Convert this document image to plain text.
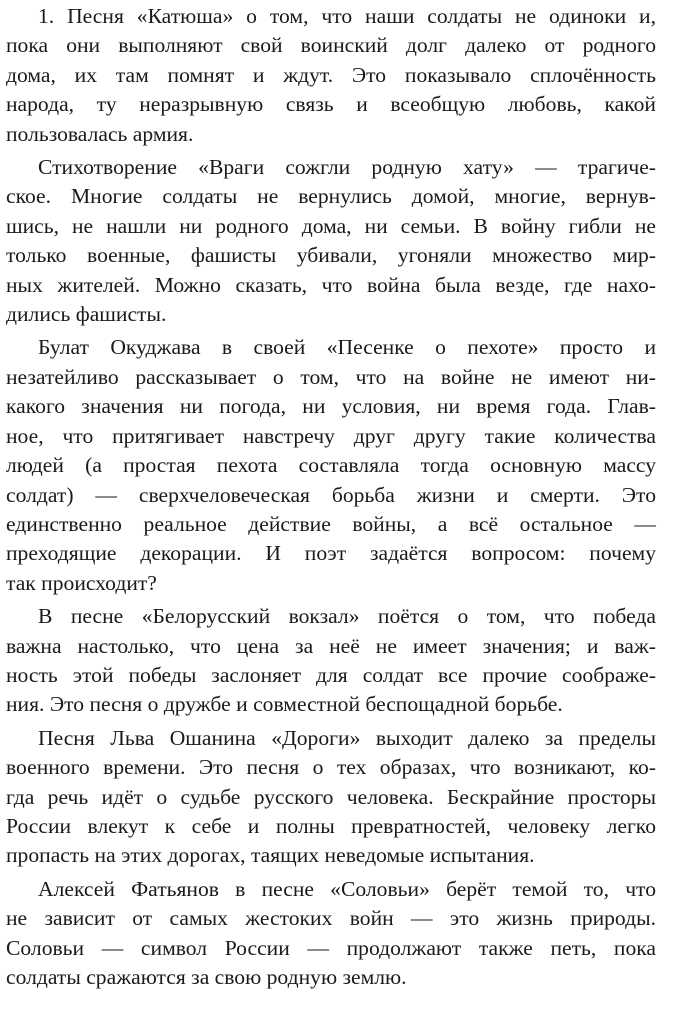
1. Песня «Катюша» о том, что наши солдаты не одиноки и,
пока они выполняют свой воинский долг далеко от родного
дома, их там помнят и ждут. Это показывало сплочённость
народа, ту неразрывную связь и всеобщую любовь, какой
пользовалась армия.
Стихотворение «Враги сожгли родную хату» — трагиче-
ское. Многие солдаты не вернулись домой, многие, вернув-
шись, не нашли ни родного дома, ни семьи. В войну гибли не
только военные, фашисты убивали, угоняли множество мир-
ных жителей. Можно сказать, что война была везде, где нахо-
дились фашисты.
Булат Окуджава в своей «Песенке о пехоте» просто и
незатейливо рассказывает о том, что на войне не имеют ни-
какого значения ни погода, ни условия, ни время года. Глав-
ное, что притягивает навстречу друг другу такие количества
людей (а простая пехота составляла тогда основную массу
солдат) — сверхчеловеческая борьба жизни и смерти. Это
единственно реальное действие войны, а всё остальное —
преходящие декорации. И поэт задаётся вопросом: почему
так происходит?
В песне «Белорусский вокзал» поётся о том, что победа
важна настолько, что цена за неё не имеет значения; и важ-
ность этой победы заслоняет для солдат все прочие соображе-
ния. Это песня о дружбе и совместной беспощадной борьбе.
Песня Льва Ошанина «Дороги» выходит далеко за пределы
военного времени. Это песня о тех образах, что возникают, ко-
гда речь идёт о судьбе русского человека. Бескрайние просторы
России влекут к себе и полны превратностей, человеку легко
пропасть на этих дорогах, таящих неведомые испытания.
Алексей Фатьянов в песне «Соловьи» берёт темой то, что
не зависит от самых жестоких войн — это жизнь природы.
Соловьи — символ России — продолжают также петь, пока
солдаты сражаются за свою родную землю.
